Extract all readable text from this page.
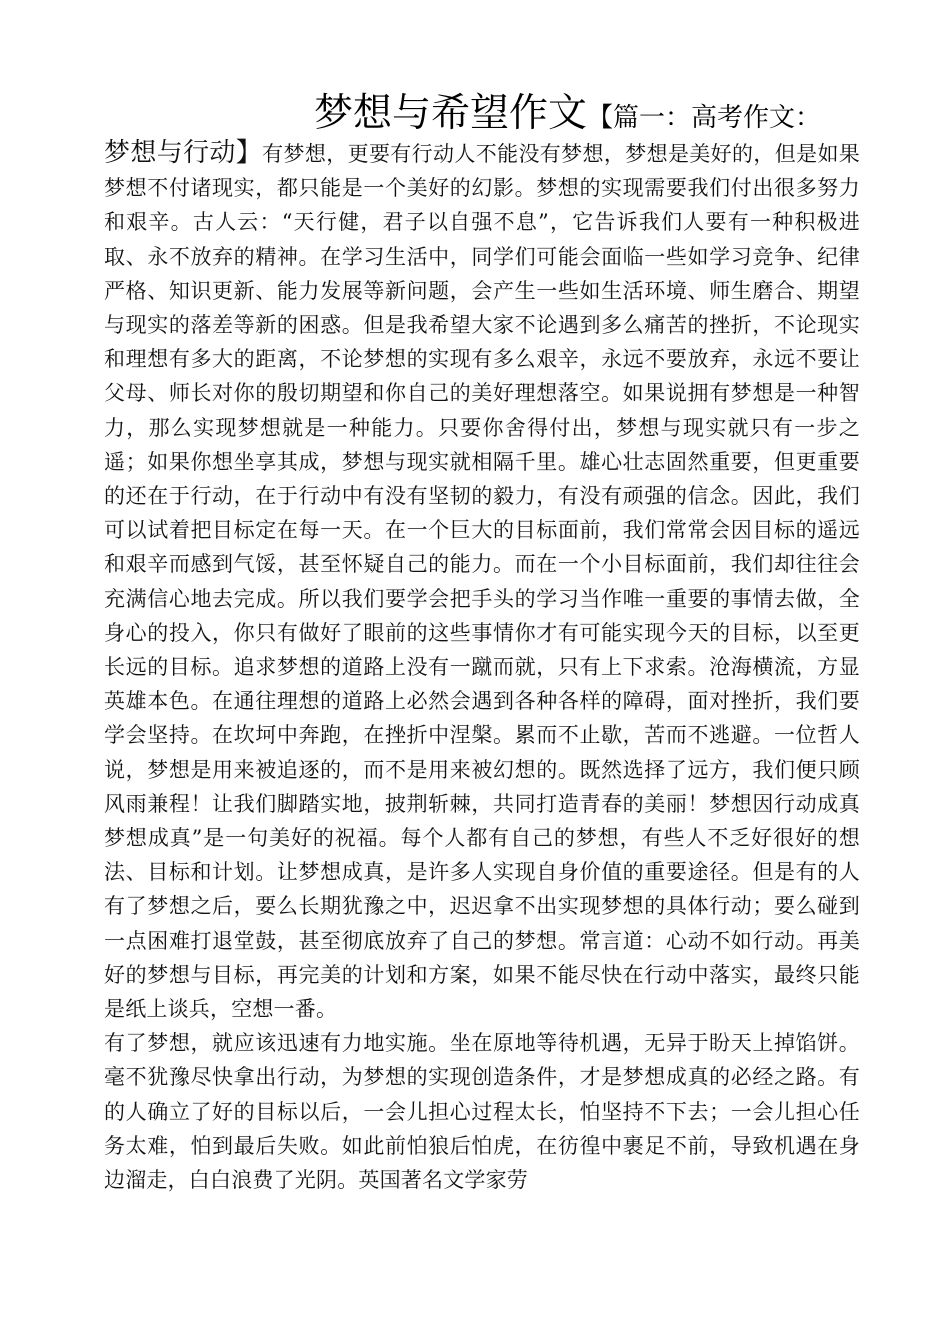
梦想与希望作文【篇一：高考作文：

梦想与行动】有梦想，更要有行动人不能没有梦想，梦想是美好的，但是如果梦想不付诸现实，都只能是一个美好的幻影。梦想的实现需要我们付出很多努力和艰辛。古人云：“天行健，君子以自强不息”，它告诉我们人要有一种积极进取、永不放弃的精神。在学习生活中，同学们可能会面临一些如学习竞争、纪律严格、知识更新、能力发展等新问题，会产生一些如生活环境、师生磨合、期望与现实的落差等新的困惑。但是我希望大家不论遇到多么痛苦的挫折，不论现实和理想有多大的距离，不论梦想的实现有多么艰辛，永远不要放弃，永远不要让父母、师长对你的殷切期望和你自己的美好理想落空。如果说拥有梦想是一种智力，那么实现梦想就是一种能力。只要你舍得付出，梦想与现实就只有一步之遥；如果你想坐享其成，梦想与现实就相隔千里。雄心壮志固然重要，但更重要的还在于行动，在于行动中有没有坚韧的毅力，有没有顽强的信念。因此，我们可以试着把目标定在每一天。在一个巨大的目标面前，我们常常会因目标的遥远和艰辛而感到气馁，甚至怀疑自己的能力。而在一个小目标面前，我们却往往会充满信心地去完成。所以我们要学会把手头的学习当作唯一重要的事情去做，全身心的投入，你只有做好了眼前的这些事情你才有可能实现今天的目标，以至更长远的目标。追求梦想的道路上没有一蹴而就，只有上下求索。沧海横流，方显英雄本色。在通往理想的道路上必然会遇到各种各样的障碍，面对挫折，我们要学会坚持。在坎坷中奔跑，在挫折中涅槃。累而不止歇，苦而不逃避。一位哲人说，梦想是用来被追逐的，而不是用来被幻想的。既然选择了远方，我们便只顾风雨兼程！让我们脚踏实地，披荆斩棘，共同打造青春的美丽！梦想因行动成真梦想成真”是一句美好的祝福。每个人都有自己的梦想，有些人不乏好很好的想法、目标和计划。让梦想成真，是许多人实现自身价值的重要途径。但是有的人有了梦想之后，要么长期犹豫之中，迟迟拿不出实现梦想的具体行动；要么碰到一点困难打退堂鼓，甚至彻底放弃了自己的梦想。常言道：心动不如行动。再美好的梦想与目标，再完美的计划和方案，如果不能尽快在行动中落实，最终只能是纸上谈兵，空想一番。

有了梦想，就应该迅速有力地实施。坐在原地等待机遇，无异于盼天上掉馅饼。毫不犹豫尽快拿出行动，为梦想的实现创造条件，才是梦想成真的必经之路。有的人确立了好的目标以后，一会儿担心过程太长，怕坚持不下去；一会儿担心任务太难，怕到最后失败。如此前怕狼后怕虎，在彷徨中裹足不前，导致机遇在身边溜走，白白浪费了光阴。英国著名文学家劳
